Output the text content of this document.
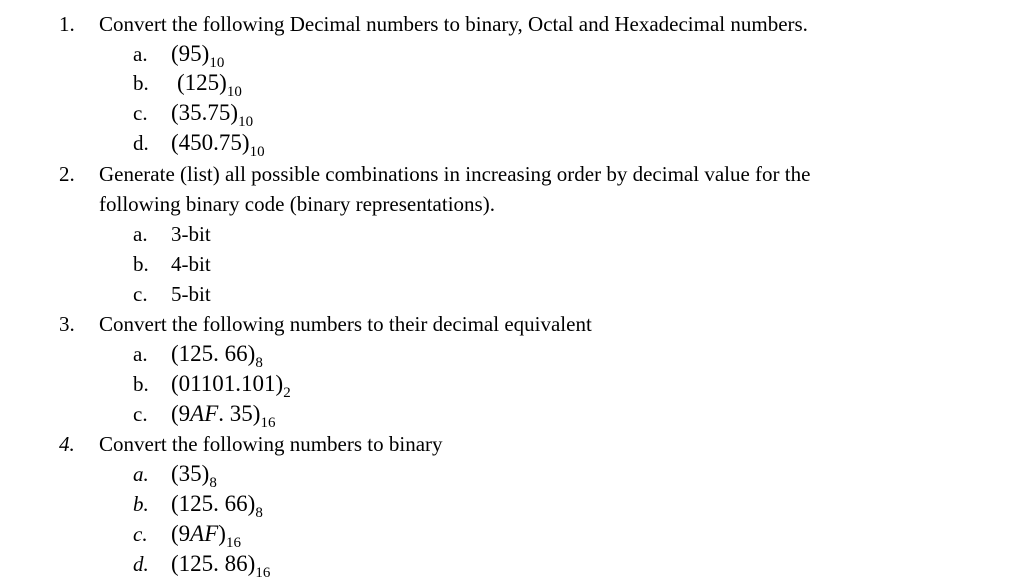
1. Convert the following Decimal numbers to binary, Octal and Hexadecimal numbers.
a. $(95)_{10}$
b. $(125)_{10}$
c. $(35.75)_{10}$
d. $(450.75)_{10}$
2. Generate (list) all possible combinations in increasing order by decimal value for the
following binary code (binary representations).
a. 3-bit
b. 4-bit
c. 5-bit
3. Convert the following numbers to their decimal equivalent
a. (125. $66)_8$
b. $(01101.101)_2$
c. (9AF. $35)_{16}$
4. Convert the following numbers to binary
a. $(35)_8$
b. (125. $66)_8$
c. $(9AF)_{16}$
d. (125. $86)_{16}$
